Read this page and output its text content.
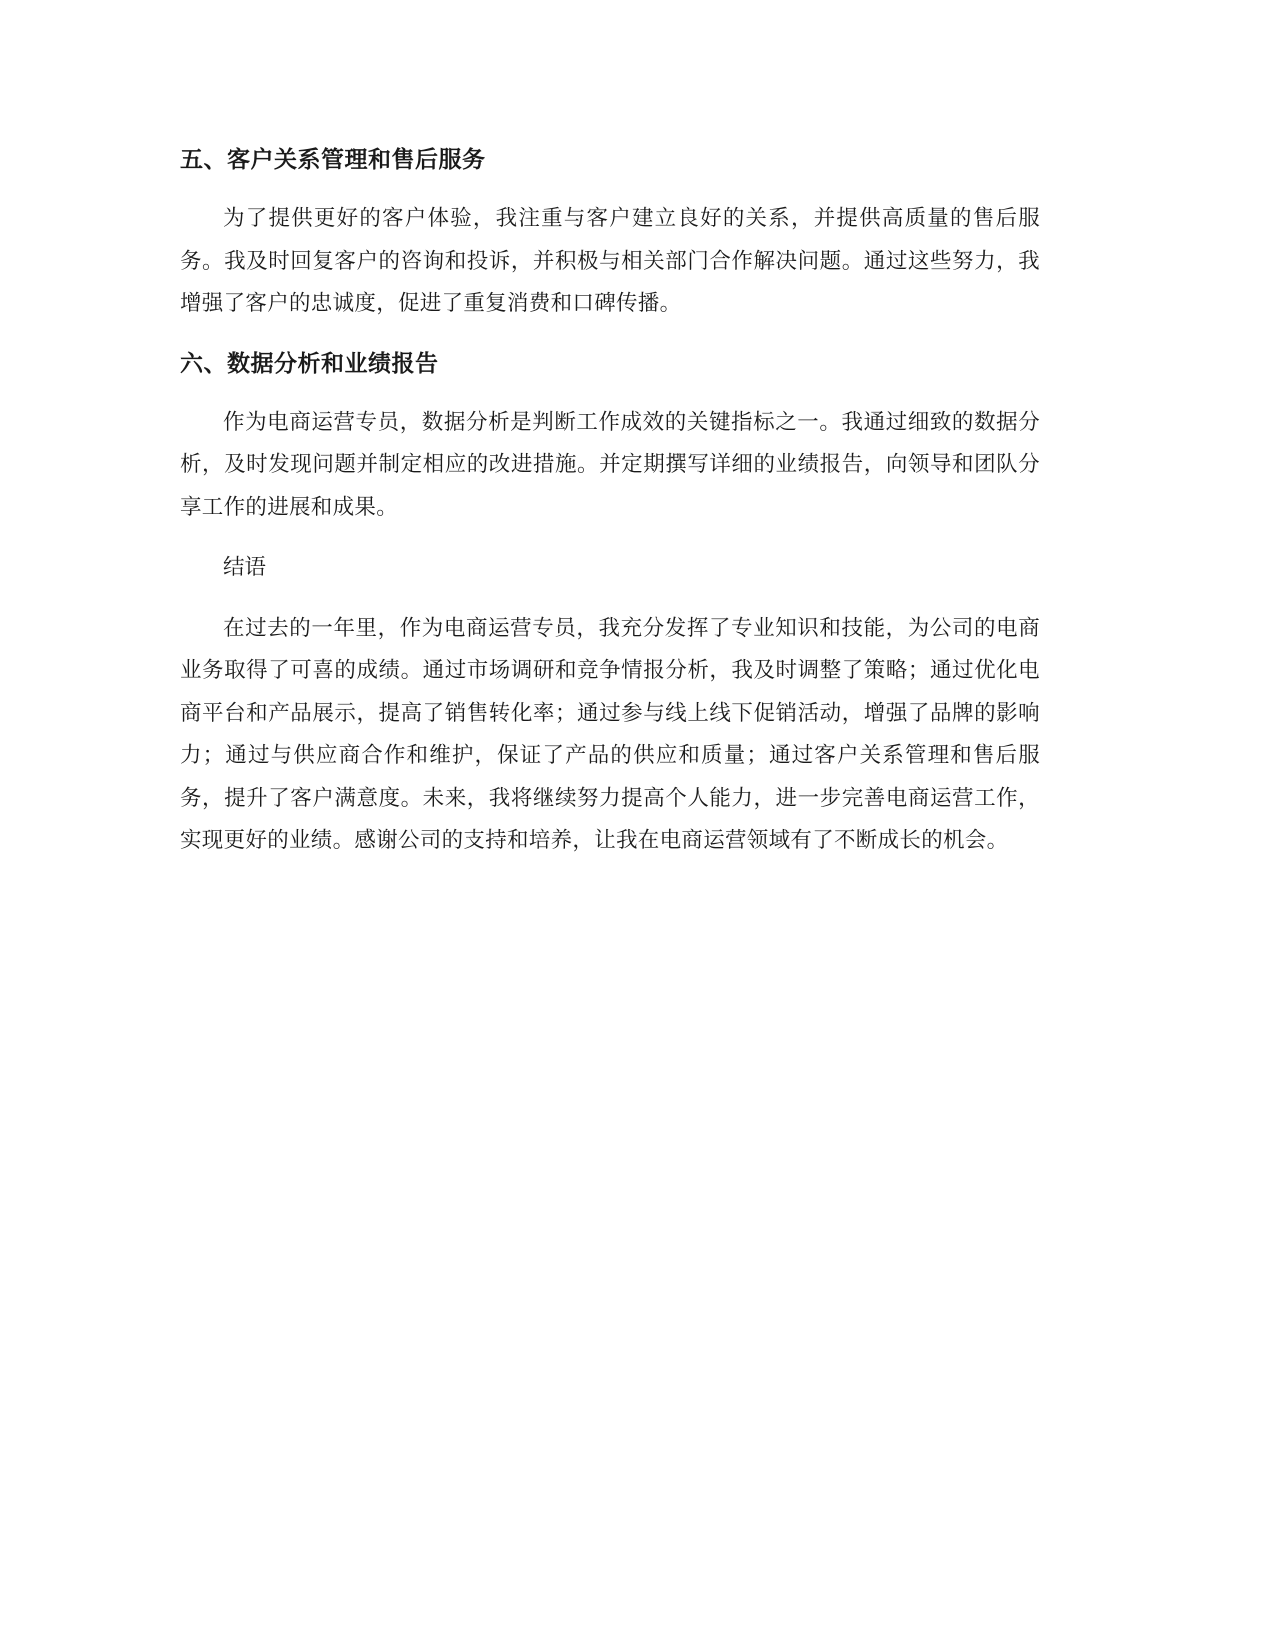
五、客户关系管理和售后服务

为了提供更好的客户体验，我注重与客户建立良好的关系，并提供高质量的售后服务。我及时回复客户的咨询和投诉，并积极与相关部门合作解决问题。通过这些努力，我增强了客户的忠诚度，促进了重复消费和口碑传播。

六、数据分析和业绩报告

作为电商运营专员，数据分析是判断工作成效的关键指标之一。我通过细致的数据分析，及时发现问题并制定相应的改进措施。并定期撰写详细的业绩报告，向领导和团队分享工作的进展和成果。

结语

在过去的一年里，作为电商运营专员，我充分发挥了专业知识和技能，为公司的电商业务取得了可喜的成绩。通过市场调研和竞争情报分析，我及时调整了策略；通过优化电商平台和产品展示，提高了销售转化率；通过参与线上线下促销活动，增强了品牌的影响力；通过与供应商合作和维护，保证了产品的供应和质量；通过客户关系管理和售后服务，提升了客户满意度。未来，我将继续努力提高个人能力，进一步完善电商运营工作，实现更好的业绩。感谢公司的支持和培养，让我在电商运营领域有了不断成长的机会。
